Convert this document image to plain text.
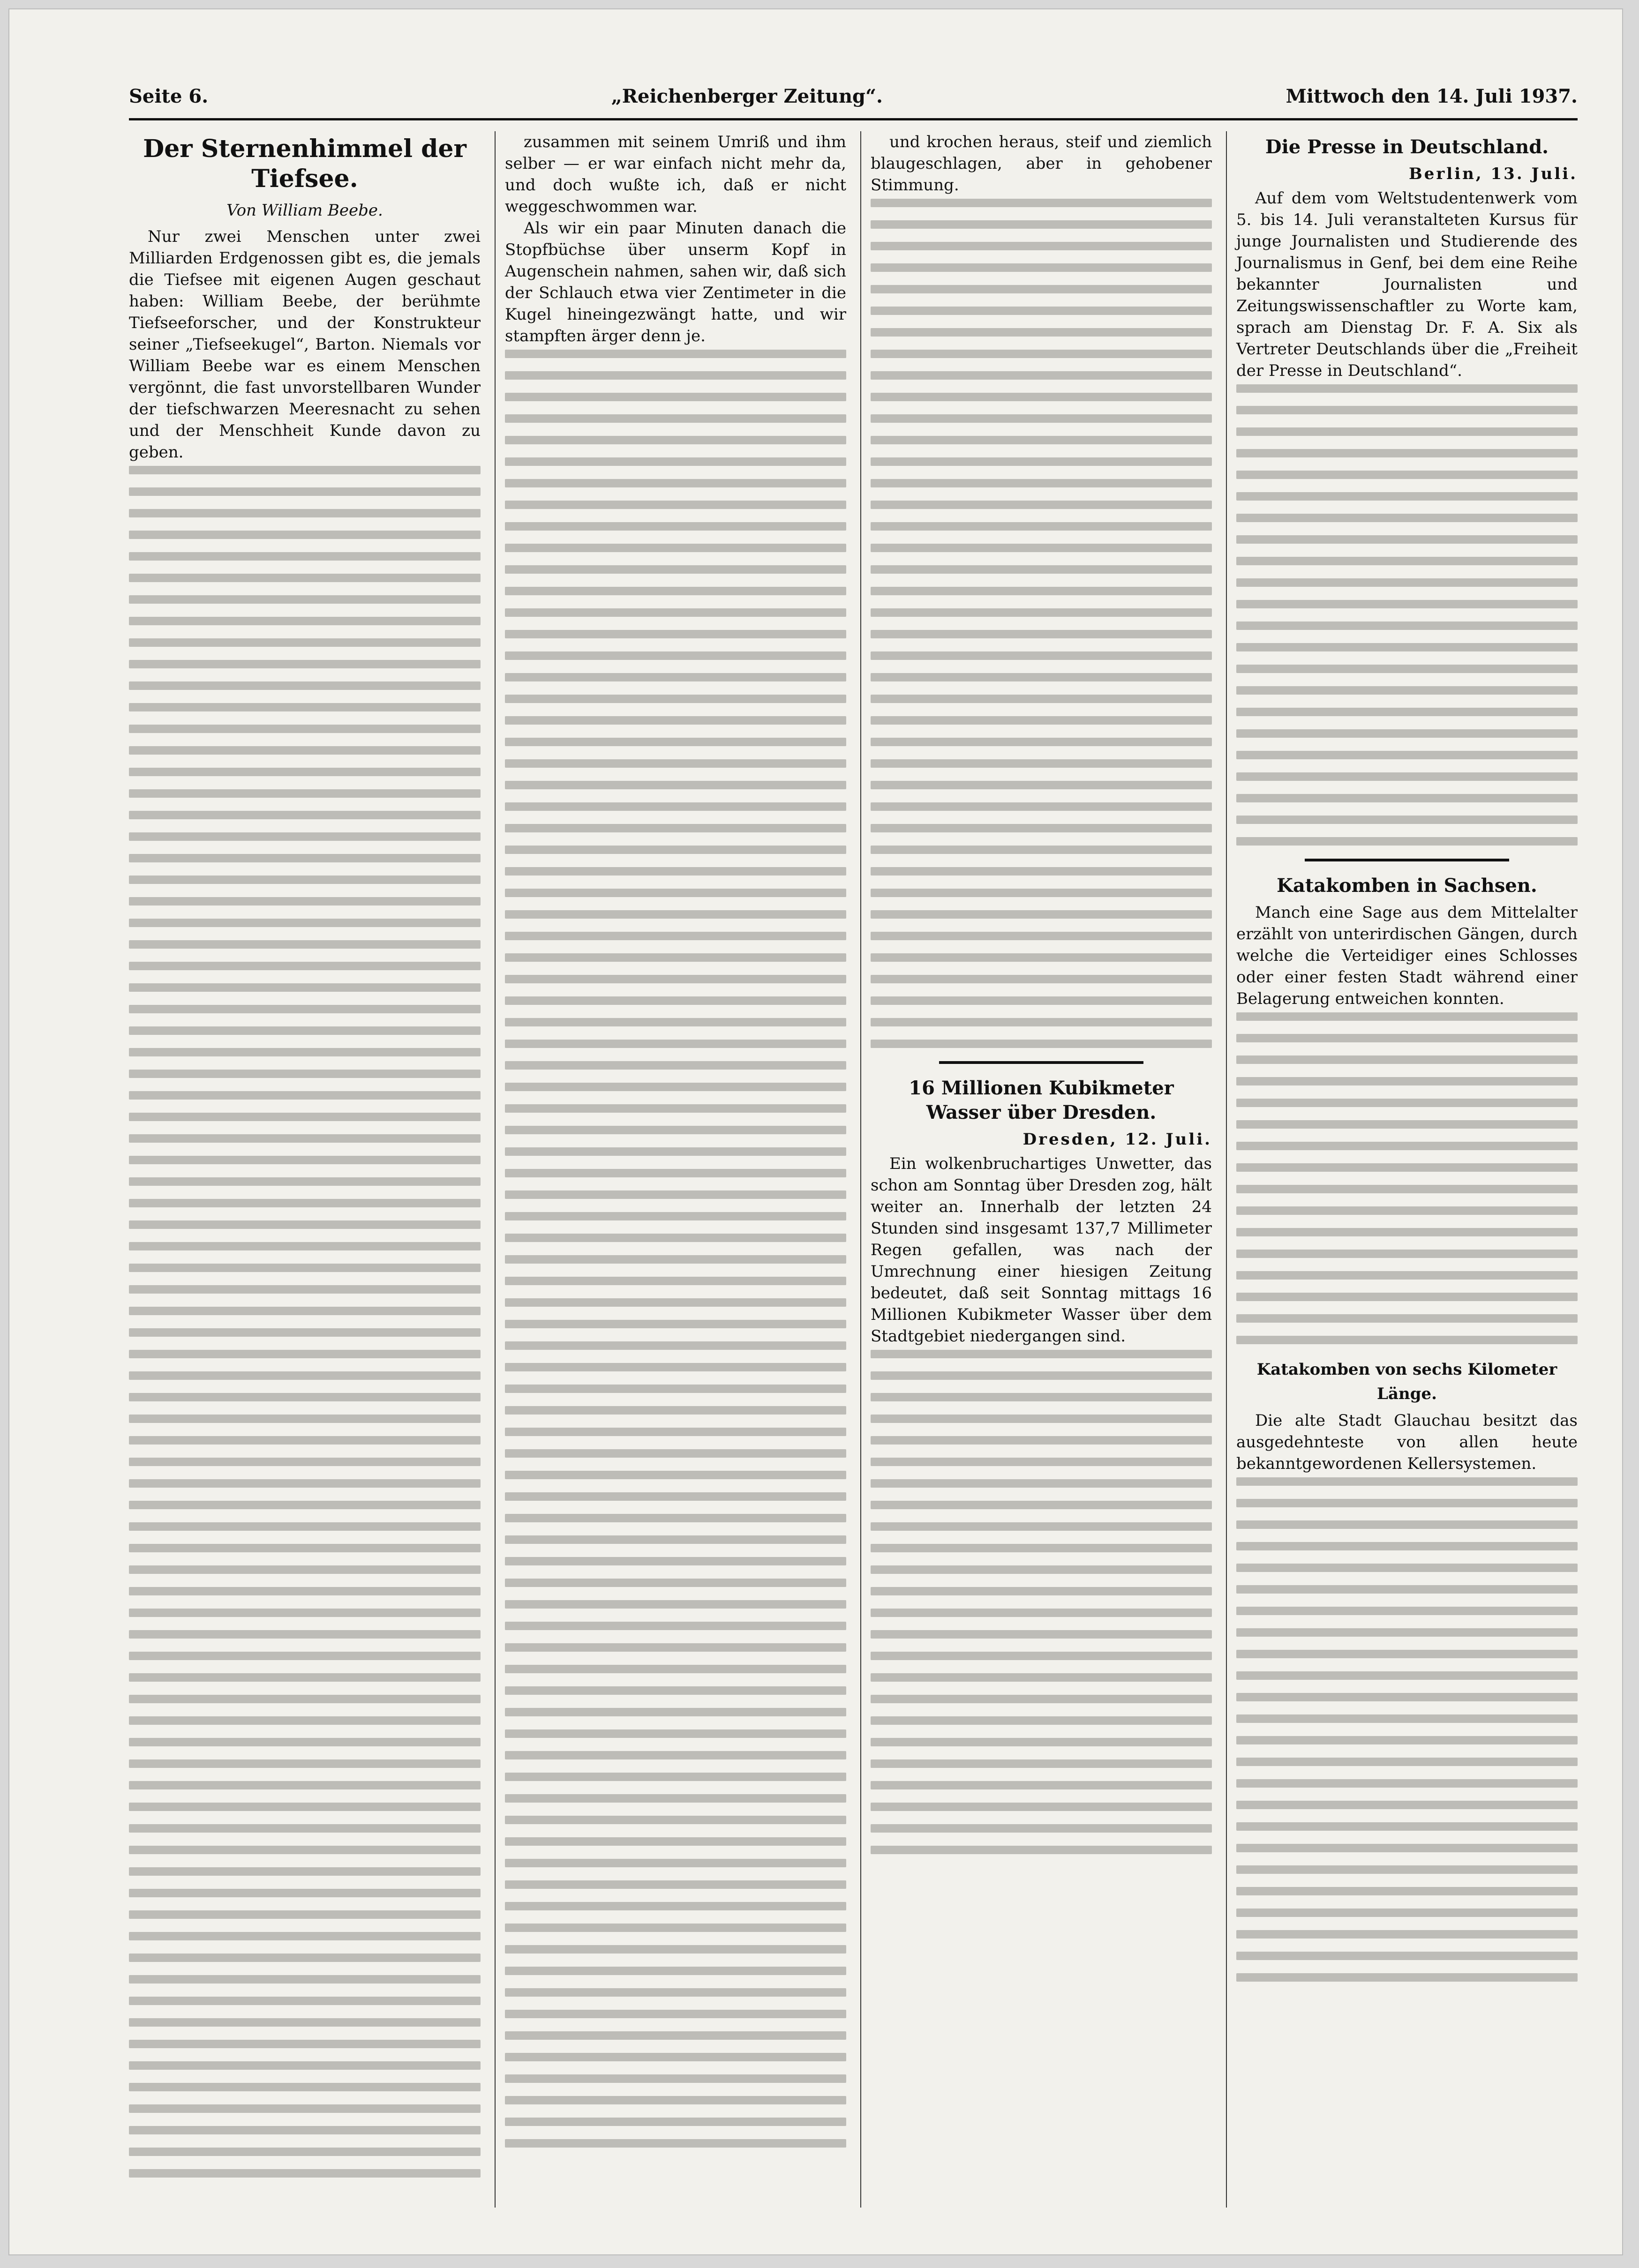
Seite 6.	„Reichenberger Zeitung“.	Mittwoch den 14. Juli 1937.
Der Sternenhimmel der Tiefsee.
Von William Beebe.

Nur zwei Menschen unter zwei Milliarden Erdgenossen gibt es, die jemals die Tiefsee mit eigenen Augen geschaut haben: William Beebe, der berühmte Tiefseeforscher, und der Konstrukteur seiner „Tiefseekugel“, Barton. Niemals vor William Beebe war es einem Menschen vergönnt, die fast unvorstellbaren Wunder der tiefschwarzen Meeresnacht zu sehen und der Menschheit Kunde davon zu geben.

zusammen mit seinem Umriß und ihm selber — er war einfach nicht mehr da, und doch wußte ich, daß er nicht weggeschwommen war.

Als wir ein paar Minuten danach die Stopfbüchse über unserm Kopf in Augenschein nahmen, sahen wir, daß sich der Schlauch etwa vier Zentimeter in die Kugel hineingezwängt hatte, und wir stampften ärger denn je.

und krochen heraus, steif und ziemlich blaugeschlagen, aber in gehobener Stimmung.

16 Millionen Kubikmeter Wasser über Dresden.
Dresden, 12. Juli.

Ein wolkenbruchartiges Unwetter, das schon am Sonntag über Dresden zog, hält weiter an. Innerhalb der letzten 24 Stunden sind insgesamt 137,7 Millimeter Regen gefallen, was nach der Umrechnung einer hiesigen Zeitung bedeutet, daß seit Sonntag mittags 16 Millionen Kubikmeter Wasser über dem Stadtgebiet niedergangen sind.

Die Presse in Deutschland.
Berlin, 13. Juli.

Auf dem vom Weltstudentenwerk vom 5. bis 14. Juli veranstalteten Kursus für junge Journalisten und Studierende des Journalismus in Genf, bei dem eine Reihe bekannter Journalisten und Zeitungswissenschaftler zu Worte kam, sprach am Dienstag Dr. F. A. Six als Vertreter Deutschlands über die „Freiheit der Presse in Deutschland“.

Katakomben in Sachsen.

Manch eine Sage aus dem Mittelalter erzählt von unterirdischen Gängen, durch welche die Verteidiger eines Schlosses oder einer festen Stadt während einer Belagerung entweichen konnten.

Katakomben von sechs Kilometer Länge.

Die alte Stadt Glauchau besitzt das ausgedehnteste von allen heute bekanntgewordenen Kellersystemen.
